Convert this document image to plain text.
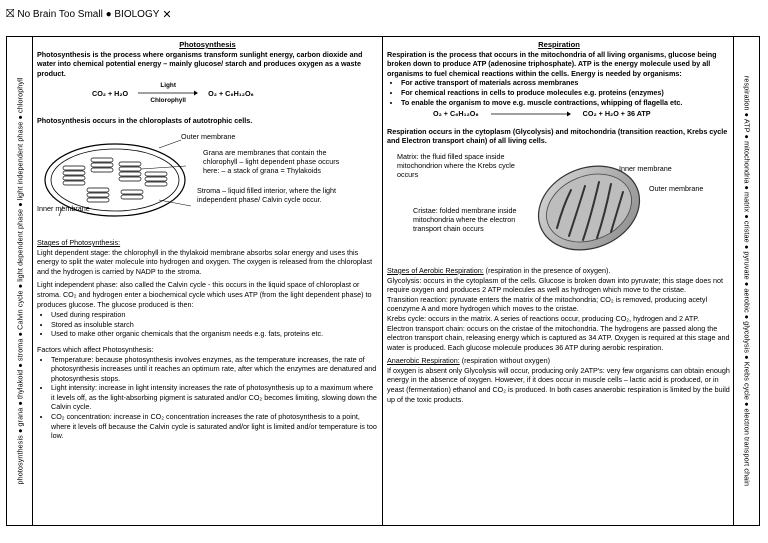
⛝ No Brain Too Small ● BIOLOGY ✕
photosynthesis ● grana ● thylakoid ● stroma ● Calvin cycle ● light dependent phase ● light independent phase ● chlorophyll
Photosynthesis

Photosynthesis is the process where organisms transform sunlight energy, carbon dioxide and water into chemical potential energy – mainly glucose/ starch and produces oxygen as a waste product.

CO₂ + H₂O
Light
Chlorophyll
O₂ + C₆H₁₂O₆

Photosynthesis occurs in the chloroplasts of autotrophic cells.

Outer membrane
Grana are membranes that contain the chlorophyll – light dependent phase occurs here: – a stack of grana = Thylakoids
Stroma – liquid filled interior, where the light independent phase/ Calvin cycle occur.
Inner membrane

Stages of Photosynthesis:

Light dependent stage: the chlorophyll in the thylakoid membrane absorbs solar energy and uses this energy to split the water molecule into hydrogen and oxygen. The oxygen is released from the chloroplast and the hydrogen is carried by NADP to the stroma.

Light independent phase: also called the Calvin cycle - this occurs in the liquid space of chloroplast or stroma. CO₂ and hydrogen enter a biochemical cycle which uses ATP (from the light dependent phase) to produces glucose. The glucose produced is then:

• Used during respiration
• Stored as insoluble starch
• Used to make other organic chemicals that the organism needs e.g. fats, proteins etc.

Factors which affect Photosynthesis:

• Temperature: because photosynthesis involves enzymes, as the temperature increases, the rate of photosynthesis increases until it reaches an optimum rate, after which the enzymes are denatured and photosynthesis stops.
• Light intensity: increase in light intensity increases the rate of photosynthesis up to a maximum where it levels off, as the light-absorbing pigment is saturated and/or CO₂ becomes limiting, slowing down the Calvin cycle.
• CO₂ concentration: increase in CO₂ concentration increases the rate of photosynthesis to a point, where it levels off because the Calvin cycle is saturated and/or light is limited and/or temperature is too low.
Respiration

Respiration is the process that occurs in the mitochondria of all living organisms, glucose being broken down to produce ATP (adenosine triphosphate). ATP is the energy molecule used by all organisms to fuel chemical reactions within the cells. Energy is needed by organisms:

• For active transport of materials across membranes
• For chemical reactions in cells to produce molecules e.g. proteins (enzymes)
• To enable the organism to move e.g. muscle contractions, whipping of flagella etc.
O₂ + C₆H₁₂O₆	CO₂ + H₂O + 36 ATP

Respiration occurs in the cytoplasm (Glycolysis) and mitochondria (transition reaction, Krebs cycle and Electron transport chain) of all living cells.

Matrix: the fluid filled space inside mitochondrion where the Krebs cycle occurs
Inner membrane
Outer membrane
Cristae: folded membrane inside mitochondria where the electron transport chain occurs

Stages of Aerobic Respiration: (respiration in the presence of oxygen).

Glycolysis: occurs in the cytoplasm of the cells. Glucose is broken down into pyruvate; this stage does not require oxygen and produces 2 ATP molecules as well as hydrogen which move to the cristae.

Transition reaction: pyruvate enters the matrix of the mitochondria; CO₂ is removed, producing acetyl coenzyme A and more hydrogen which moves to the cristae.

Krebs cycle: occurs in the matrix. A series of reactions occur, producing CO₂, hydrogen and 2 ATP.

Electron transport chain: occurs on the cristae of the mitochondria. The hydrogens are passed along the electron transport chain, releasing energy which is captured as 34 ATP. Oxygen is required at this stage and water is produced. Each glucose molecule produces 36 ATP during aerobic respiration.

Anaerobic Respiration: (respiration without oxygen)

If oxygen is absent only Glycolysis will occur, producing only 2ATP's: very few organisms can obtain enough energy in the absence of oxygen. However, if it does occur in muscle cells – lactic acid is produced, or in yeast (fermentation) ethanol and CO₂ is produced. In both cases anaerobic respiration is limited by the build up of the toxic products.	respiration ● ATP ● mitochondria ● matrix ● cristae ● pyruvate ● aerobic ● glycolysis ● Krebs cycle ● electron transport chain
